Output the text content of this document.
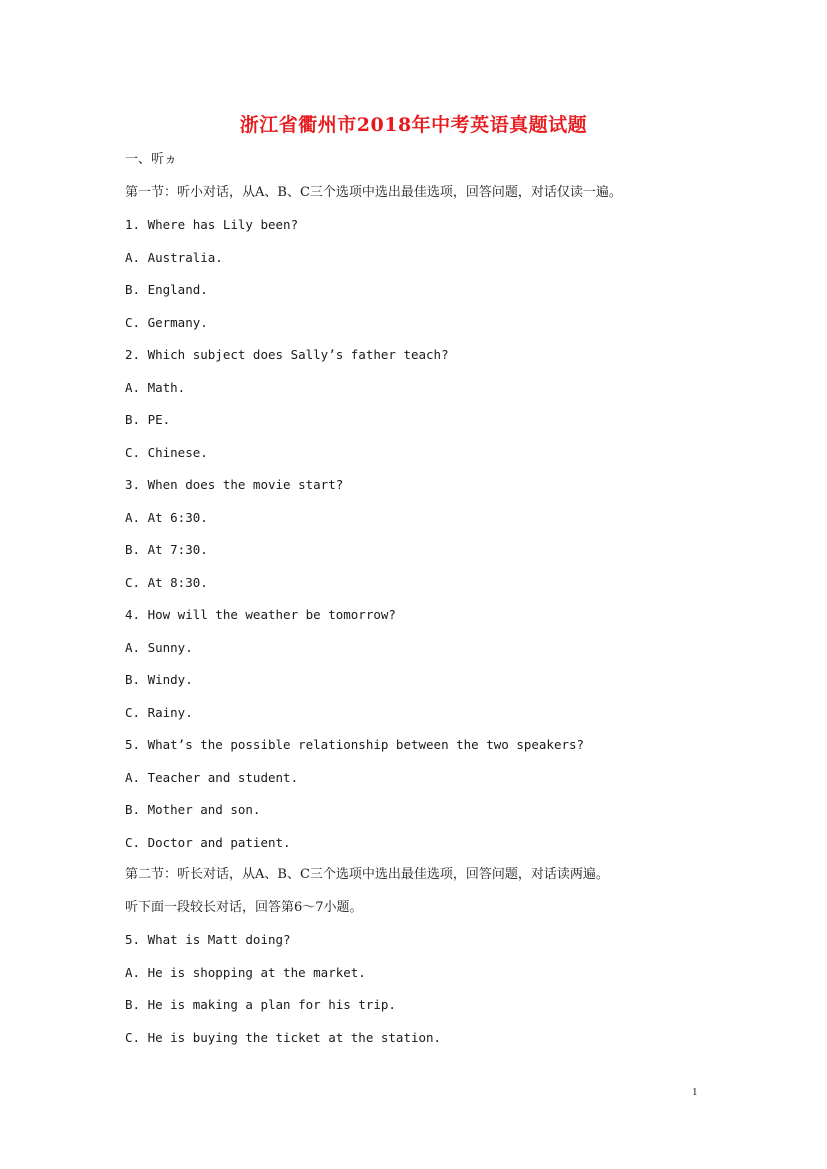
浙江省衢州市2018年中考英语真题试题
一、听ヵ
第一节：听小对话，从A、B、C三个选项中选出最佳选项，回答问题，对话仅读一遍。
1. Where has Lily been?
A. Australia.
B. England.
C. Germany.
2. Which subject does Sally’s father teach?
A. Math.
B. PE.
C. Chinese.
3. When does the movie start?
A. At 6:30.
B. At 7:30.
C. At 8:30.
4. How will the weather be tomorrow?
A. Sunny.
B. Windy.
C. Rainy.
5. What’s the possible relationship between the two speakers?
A. Teacher and student.
B. Mother and son.
C. Doctor and patient.
第二节：听长对话，从A、B、C三个选项中选出最佳选项，回答问题，对话读两遍。
听下面一段较长对话，回答第6～7小题。
5. What is Matt doing?
A. He is shopping at the market.
B. He is making a plan for his trip.
C. He is buying the ticket at the station.
1
